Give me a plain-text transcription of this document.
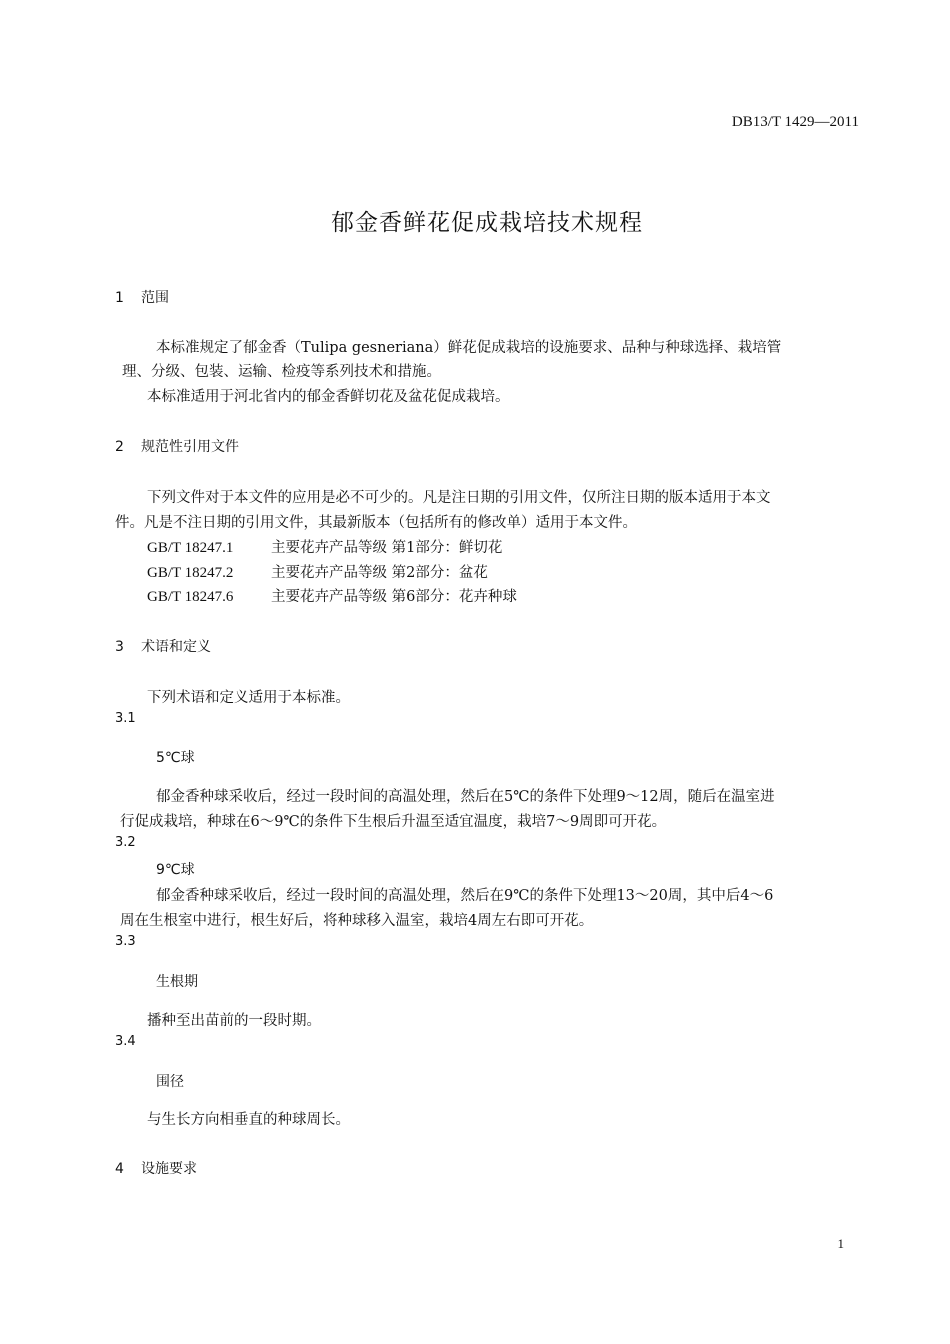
DB13/T 1429—2011
郁金香鲜花促成栽培技术规程
1 范围
本标准规定了郁金香（Tulipa gesneriana）鲜花促成栽培的设施要求、品种与种球选择、栽培管
理、分级、包装、运输、检疫等系列技术和措施。
本标准适用于河北省内的郁金香鲜切花及盆花促成栽培。
2 规范性引用文件
下列文件对于本文件的应用是必不可少的。凡是注日期的引用文件，仅所注日期的版本适用于本文
件。凡是不注日期的引用文件，其最新版本（包括所有的修改单）适用于本文件。
GB/T 18247.1	主要花卉产品等级 第1部分：鲜切花
GB/T 18247.2	主要花卉产品等级 第2部分：盆花
GB/T 18247.6	主要花卉产品等级 第6部分：花卉种球
3 术语和定义
下列术语和定义适用于本标准。
3.1
5℃球
郁金香种球采收后，经过一段时间的高温处理，然后在5℃的条件下处理9～12周，随后在温室进
行促成栽培，种球在6～9℃的条件下生根后升温至适宜温度，栽培7～9周即可开花。
3.2
9℃球
郁金香种球采收后，经过一段时间的高温处理，然后在9℃的条件下处理13～20周，其中后4～6
周在生根室中进行，根生好后，将种球移入温室，栽培4周左右即可开花。
3.3
生根期
播种至出苗前的一段时期。
3.4
围径
与生长方向相垂直的种球周长。
4 设施要求
1
